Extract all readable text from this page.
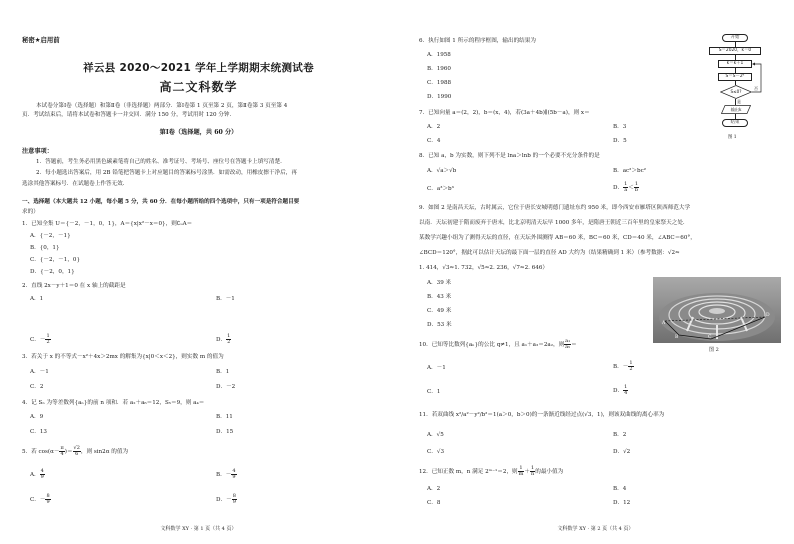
秘密★启用前
祥云县 2020～2021 学年上学期期末统测试卷
高二文科数学
本试卷分第Ⅰ卷（选择题）和第Ⅱ卷（非选择题）两部分．第Ⅰ卷第 1 页至第 2 页，第Ⅱ卷第 3 页至第 4
页．考试结束后，请将本试卷和答题卡一并交回．满分 150 分，考试用时 120 分钟.
第Ⅰ卷（选择题，共 60 分）
注意事项：
1．答题前，考生务必用黑色碳素笔将自己的姓名、准考证号、考场号、座位号在答题卡上填写清楚.
2．每小题选出答案后，用 2B 铅笔把答题卡上对应题目的答案标号涂黑．如需改动，用橡皮擦干净后，再
选涂其他答案标号．在试题卷上作答无效.
一、选择题（本大题共 12 小题，每小题 5 分，共 60 分．在每小题所给的四个选项中，只有一项是符合题目要
求的）
1．已知全集 U＝{－2，－1，0，1}，A＝{x|x²－x＝0}，则∁ᵤA＝
A．{－2，－1}
B．{0，1}
C．{－2，－1，0}
D．{－2，0，1}
2．直线 2x－y＋1＝0 在 x 轴上的截距是
A．1	B．－1
C．－ $\frac{1}{2}$	D． $\frac{1}{2}$
3．若关于 x 的不等式－x²＋4x＞2mx 的解集为{x|0＜x＜2}，则实数 m 的值为
A．－1	B．1
C．2	D．－2
4．记 Sₙ 为等差数列{aₙ}的前 n 项和．若 a₂＋a₆＝12，S₅＝9，则 a₄＝
A．9	B．11
C．13	D．15
5．若 $\cos(\alpha- \frac{\pi}{4}$ )＝ $\frac{√2}{6}$ ，则 sin2α 的值为
A． $\frac{4}{9}$	B．－ $\frac{4}{9}$
C．－ $\frac{8}{9}$	D．－ $\frac{8}{9}$
文科数学 XY · 第 1 页（共 4 页）
6．执行如图 1 所示的程序框图，输出的结果为
A．1958
B．1960
C．1988
D．1990
开始
S＝2020，k＝0
k＝k＋1
S＝S－2ᵏ
S≤0?
否
是
输出k
结束
图 1
7．已知向量 a＝(2，2)，b＝(x，4)，若(3a＋4b)∥(5b－a)，则 x＝
A．2	B．3
C．4	D．5
8．已知 a，b 为实数，则下列不是 lna＞lnb 的一个必要不充分条件的是
A．√a＞√b	B．ac²＞bc²
C．a³＞b³	D． $\frac{1}{a} < \frac{1}{b}$
9．如图 2 是南昌天坛，古时属云，它位于唐长安城明德门遗址东约 950 米，即今西安市雁塔区陕西师范大学
以南．天坛初建于隋而废弃于唐末，比北京明清天坛早 1000 多年，是隋唐王朝近三百年里的皇家祭天之处．
某数学兴趣小组为了测得天坛的直径，在天坛外围测得 AB＝60 米，BC＝60 米，CD＝40 米，∠ABC＝60°，
∠BCD＝120°，据此可以估计天坛的最下面一层的直径 AD 大约为（结果精确到 1 米）（参考数据：√2≈
1. 414，√3≈1. 732，√5≈2. 236，√7≈2. 646）
A．39 米
B．43 米
C．49 米
D．53 米	A
B	C
D
图 2
10．已知等比数列{aₙ}的公比 q≠1，且 a₁＋a₃＝2a₂，则 $\frac{\text{a₁}}{\text{a₅}}$ ＝
A．－1	B．－ $\frac{1}{2}$
C．1	D． $\frac{1}{4}$
11．若双曲线 x²/a²－y²/b²＝1(a＞0，b＞0)的一条渐近线经过点(√3，1)，则该双曲线的离心率为
A．√5	B．2
C．√3	D．√2
12．已知正数 m，n 满足 2ᵐ⁻¹＝2，则 $\frac{1}{m} + \frac{1}{n}$ 的最小值为
A．2	B．4
C．8	D．12
文科数学 XY · 第 2 页（共 4 页）
